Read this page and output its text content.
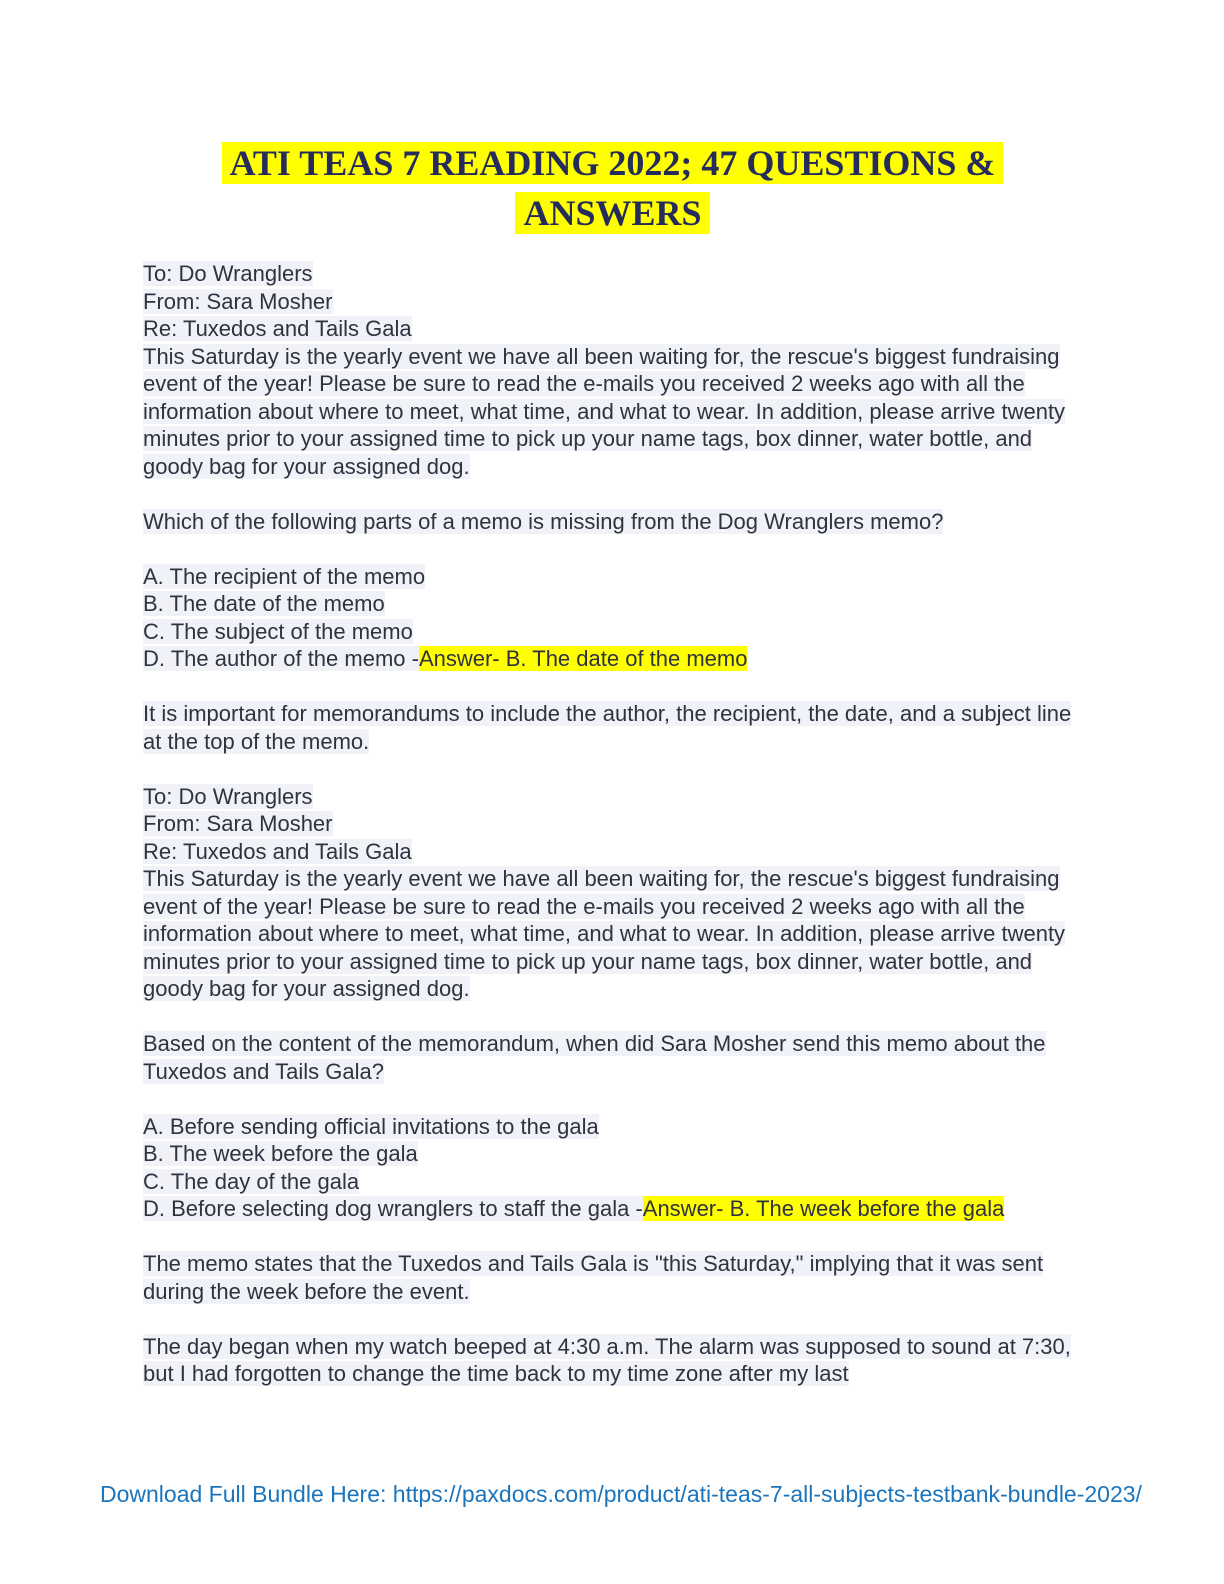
ATI TEAS 7 READING 2022; 47 QUESTIONS &
ANSWERS

To: Do Wranglers

From: Sara Mosher

Re: Tuxedos and Tails Gala

This Saturday is the yearly event we have all been waiting for, the rescue's biggest fundraising event of the year! Please be sure to read the e-mails you received 2 weeks ago with all the information about where to meet, what time, and what to wear. In addition, please arrive twenty minutes prior to your assigned time to pick up your name tags, box dinner, water bottle, and goody bag for your assigned dog.

Which of the following parts of a memo is missing from the Dog Wranglers memo?

A. The recipient of the memo

B. The date of the memo

C. The subject of the memo

D. The author of the memo -Answer- B. The date of the memo

It is important for memorandums to include the author, the recipient, the date, and a subject line at the top of the memo.

To: Do Wranglers

From: Sara Mosher

Re: Tuxedos and Tails Gala

This Saturday is the yearly event we have all been waiting for, the rescue's biggest fundraising event of the year! Please be sure to read the e-mails you received 2 weeks ago with all the information about where to meet, what time, and what to wear. In addition, please arrive twenty minutes prior to your assigned time to pick up your name tags, box dinner, water bottle, and goody bag for your assigned dog.

Based on the content of the memorandum, when did Sara Mosher send this memo about the Tuxedos and Tails Gala?

A. Before sending official invitations to the gala

B. The week before the gala

C. The day of the gala

D. Before selecting dog wranglers to staff the gala -Answer- B. The week before the gala

The memo states that the Tuxedos and Tails Gala is "this Saturday," implying that it was sent during the week before the event.

The day began when my watch beeped at 4:30 a.m. The alarm was supposed to sound at 7:30, but I had forgotten to change the time back to my time zone after my last

Download Full Bundle Here: https://paxdocs.com/product/ati-teas-7-all-subjects-testbank-bundle-2023/
